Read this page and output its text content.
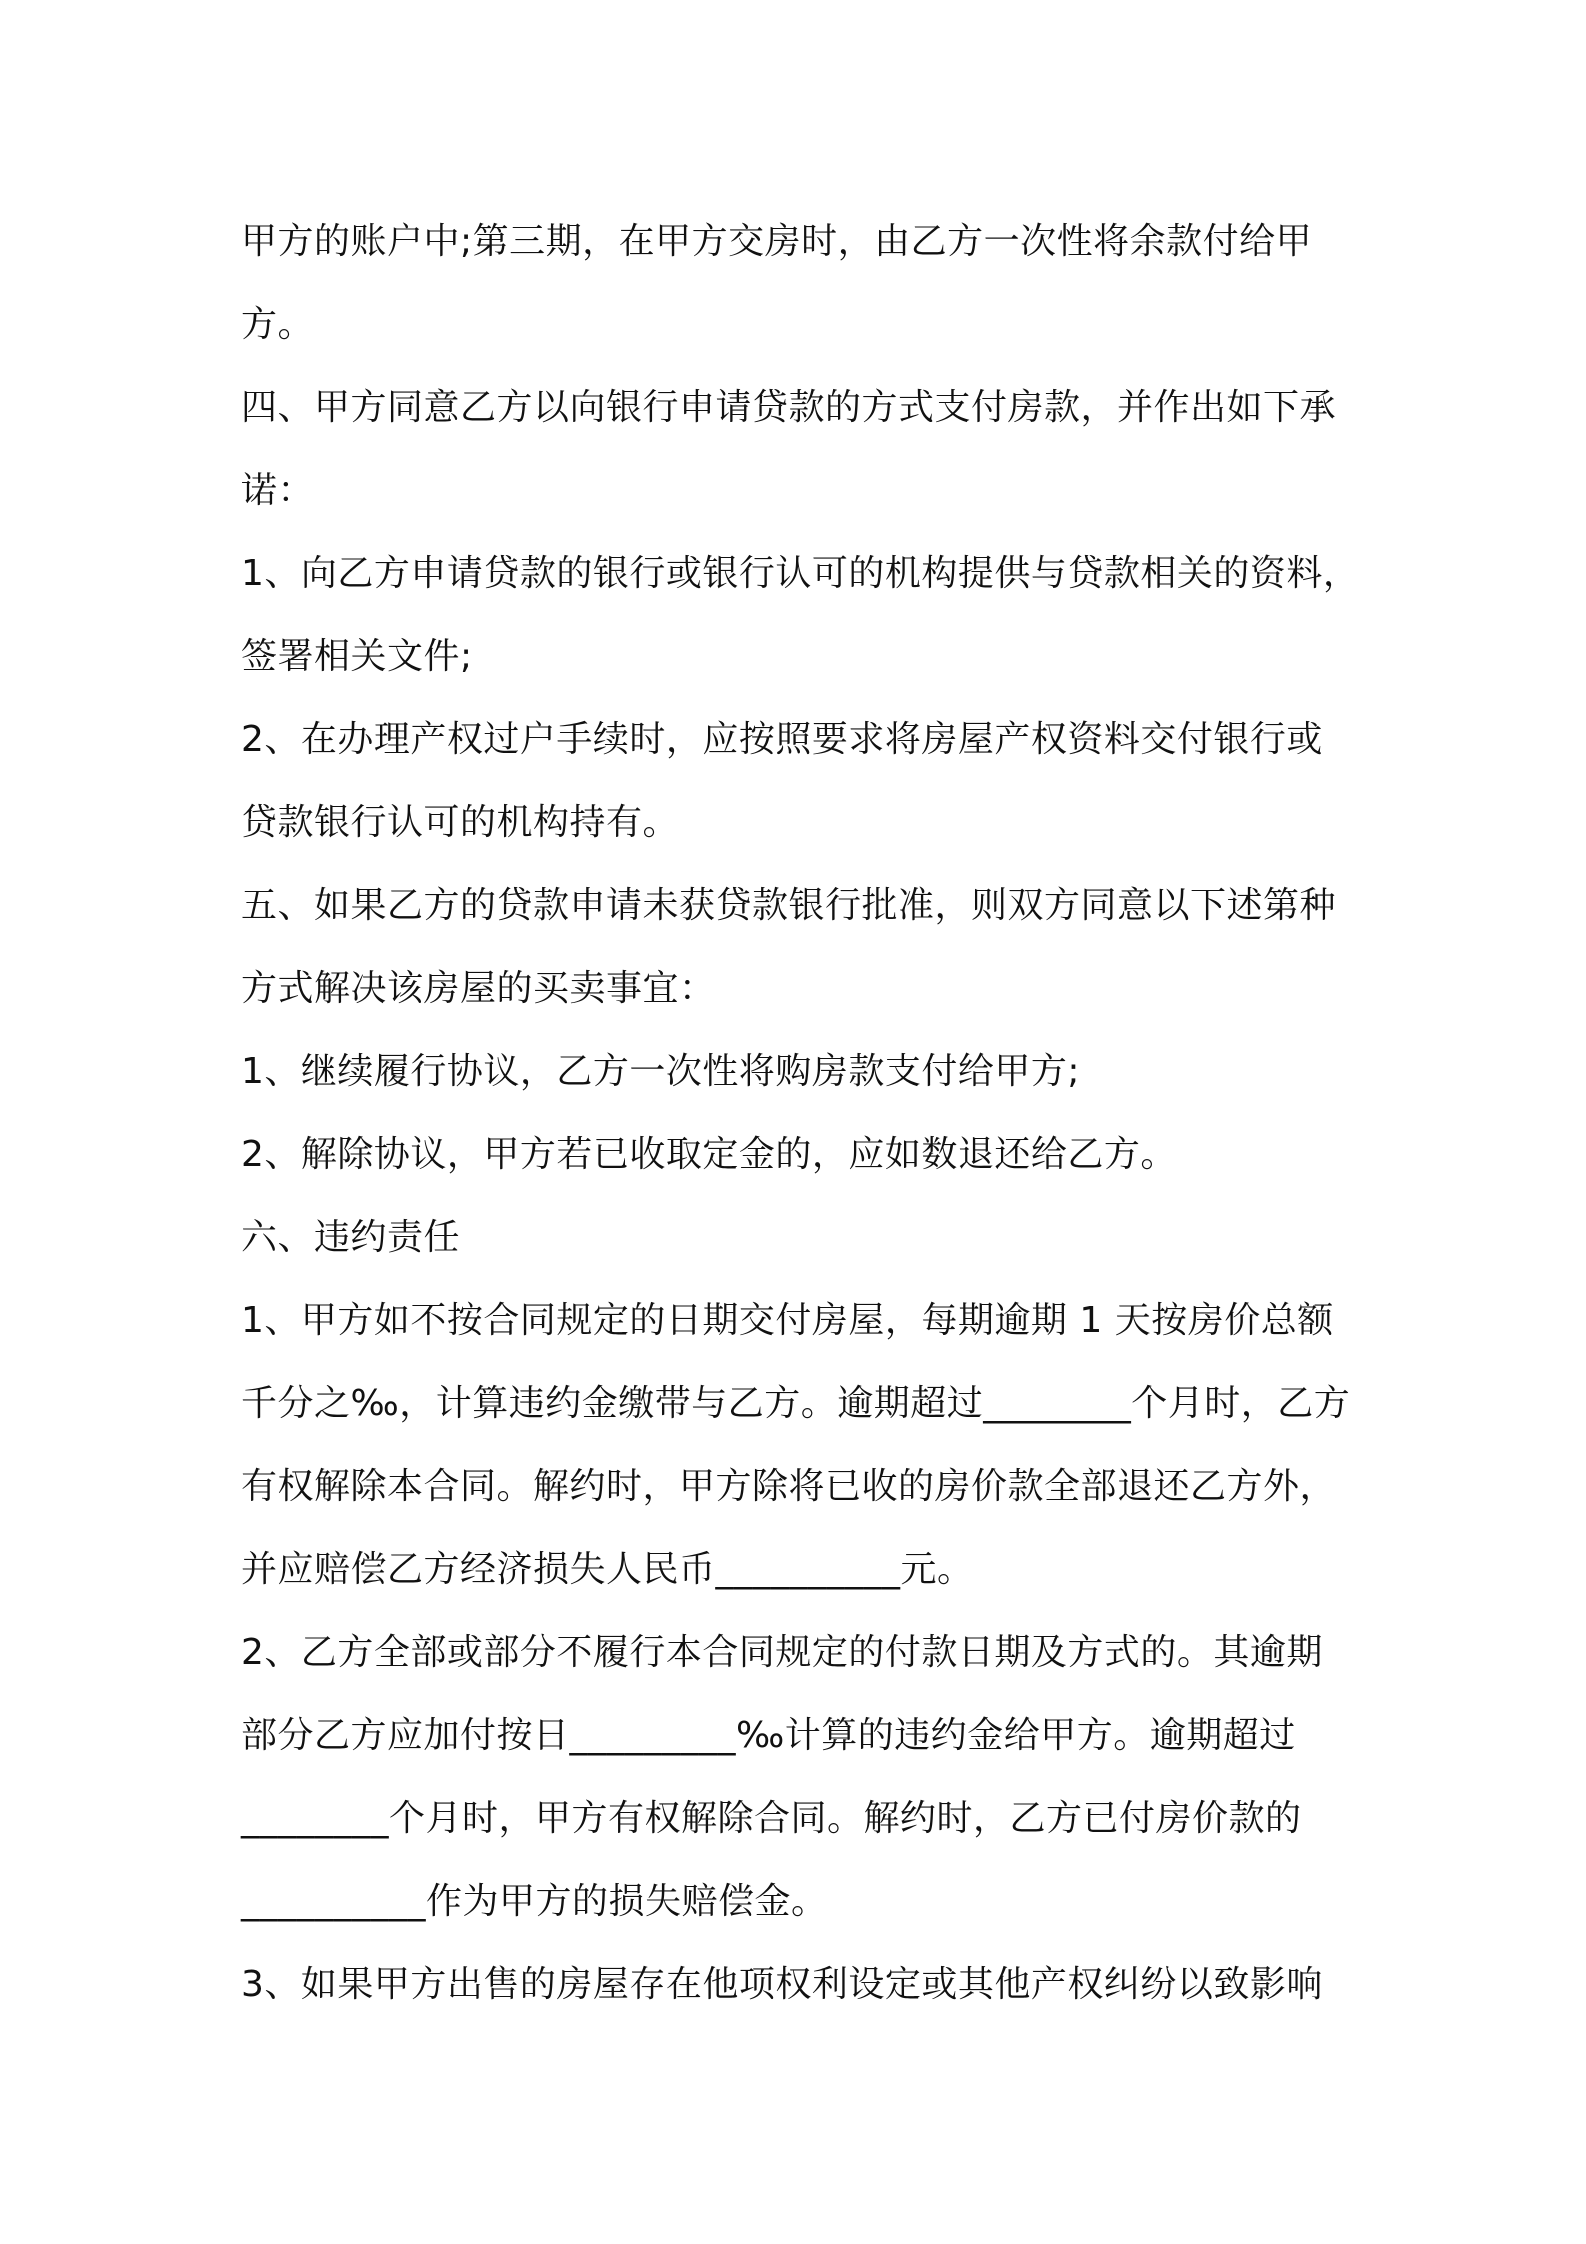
甲方的账户中;第三期，在甲方交房时，由乙方一次性将余款付给甲
方。
四、甲方同意乙方以向银行申请贷款的方式支付房款，并作出如下承
诺：
1、向乙方申请贷款的银行或银行认可的机构提供与贷款相关的资料，
签署相关文件;
2、在办理产权过户手续时，应按照要求将房屋产权资料交付银行或
贷款银行认可的机构持有。
五、如果乙方的贷款申请未获贷款银行批准，则双方同意以下述第种
方式解决该房屋的买卖事宜：
1、继续履行协议，乙方一次性将购房款支付给甲方;
2、解除协议，甲方若已收取定金的，应如数退还给乙方。
六、违约责任
1、甲方如不按合同规定的日期交付房屋，每期逾期 1 天按房价总额
千分之‰，计算违约金缴带与乙方。逾期超过________个月时，乙方
有权解除本合同。解约时，甲方除将已收的房价款全部退还乙方外，
并应赔偿乙方经济损失人民币__________元。
2、乙方全部或部分不履行本合同规定的付款日期及方式的。其逾期
部分乙方应加付按日_________‰计算的违约金给甲方。逾期超过
________个月时，甲方有权解除合同。解约时，乙方已付房价款的
__________作为甲方的损失赔偿金。
3、如果甲方出售的房屋存在他项权利设定或其他产权纠纷以致影响
